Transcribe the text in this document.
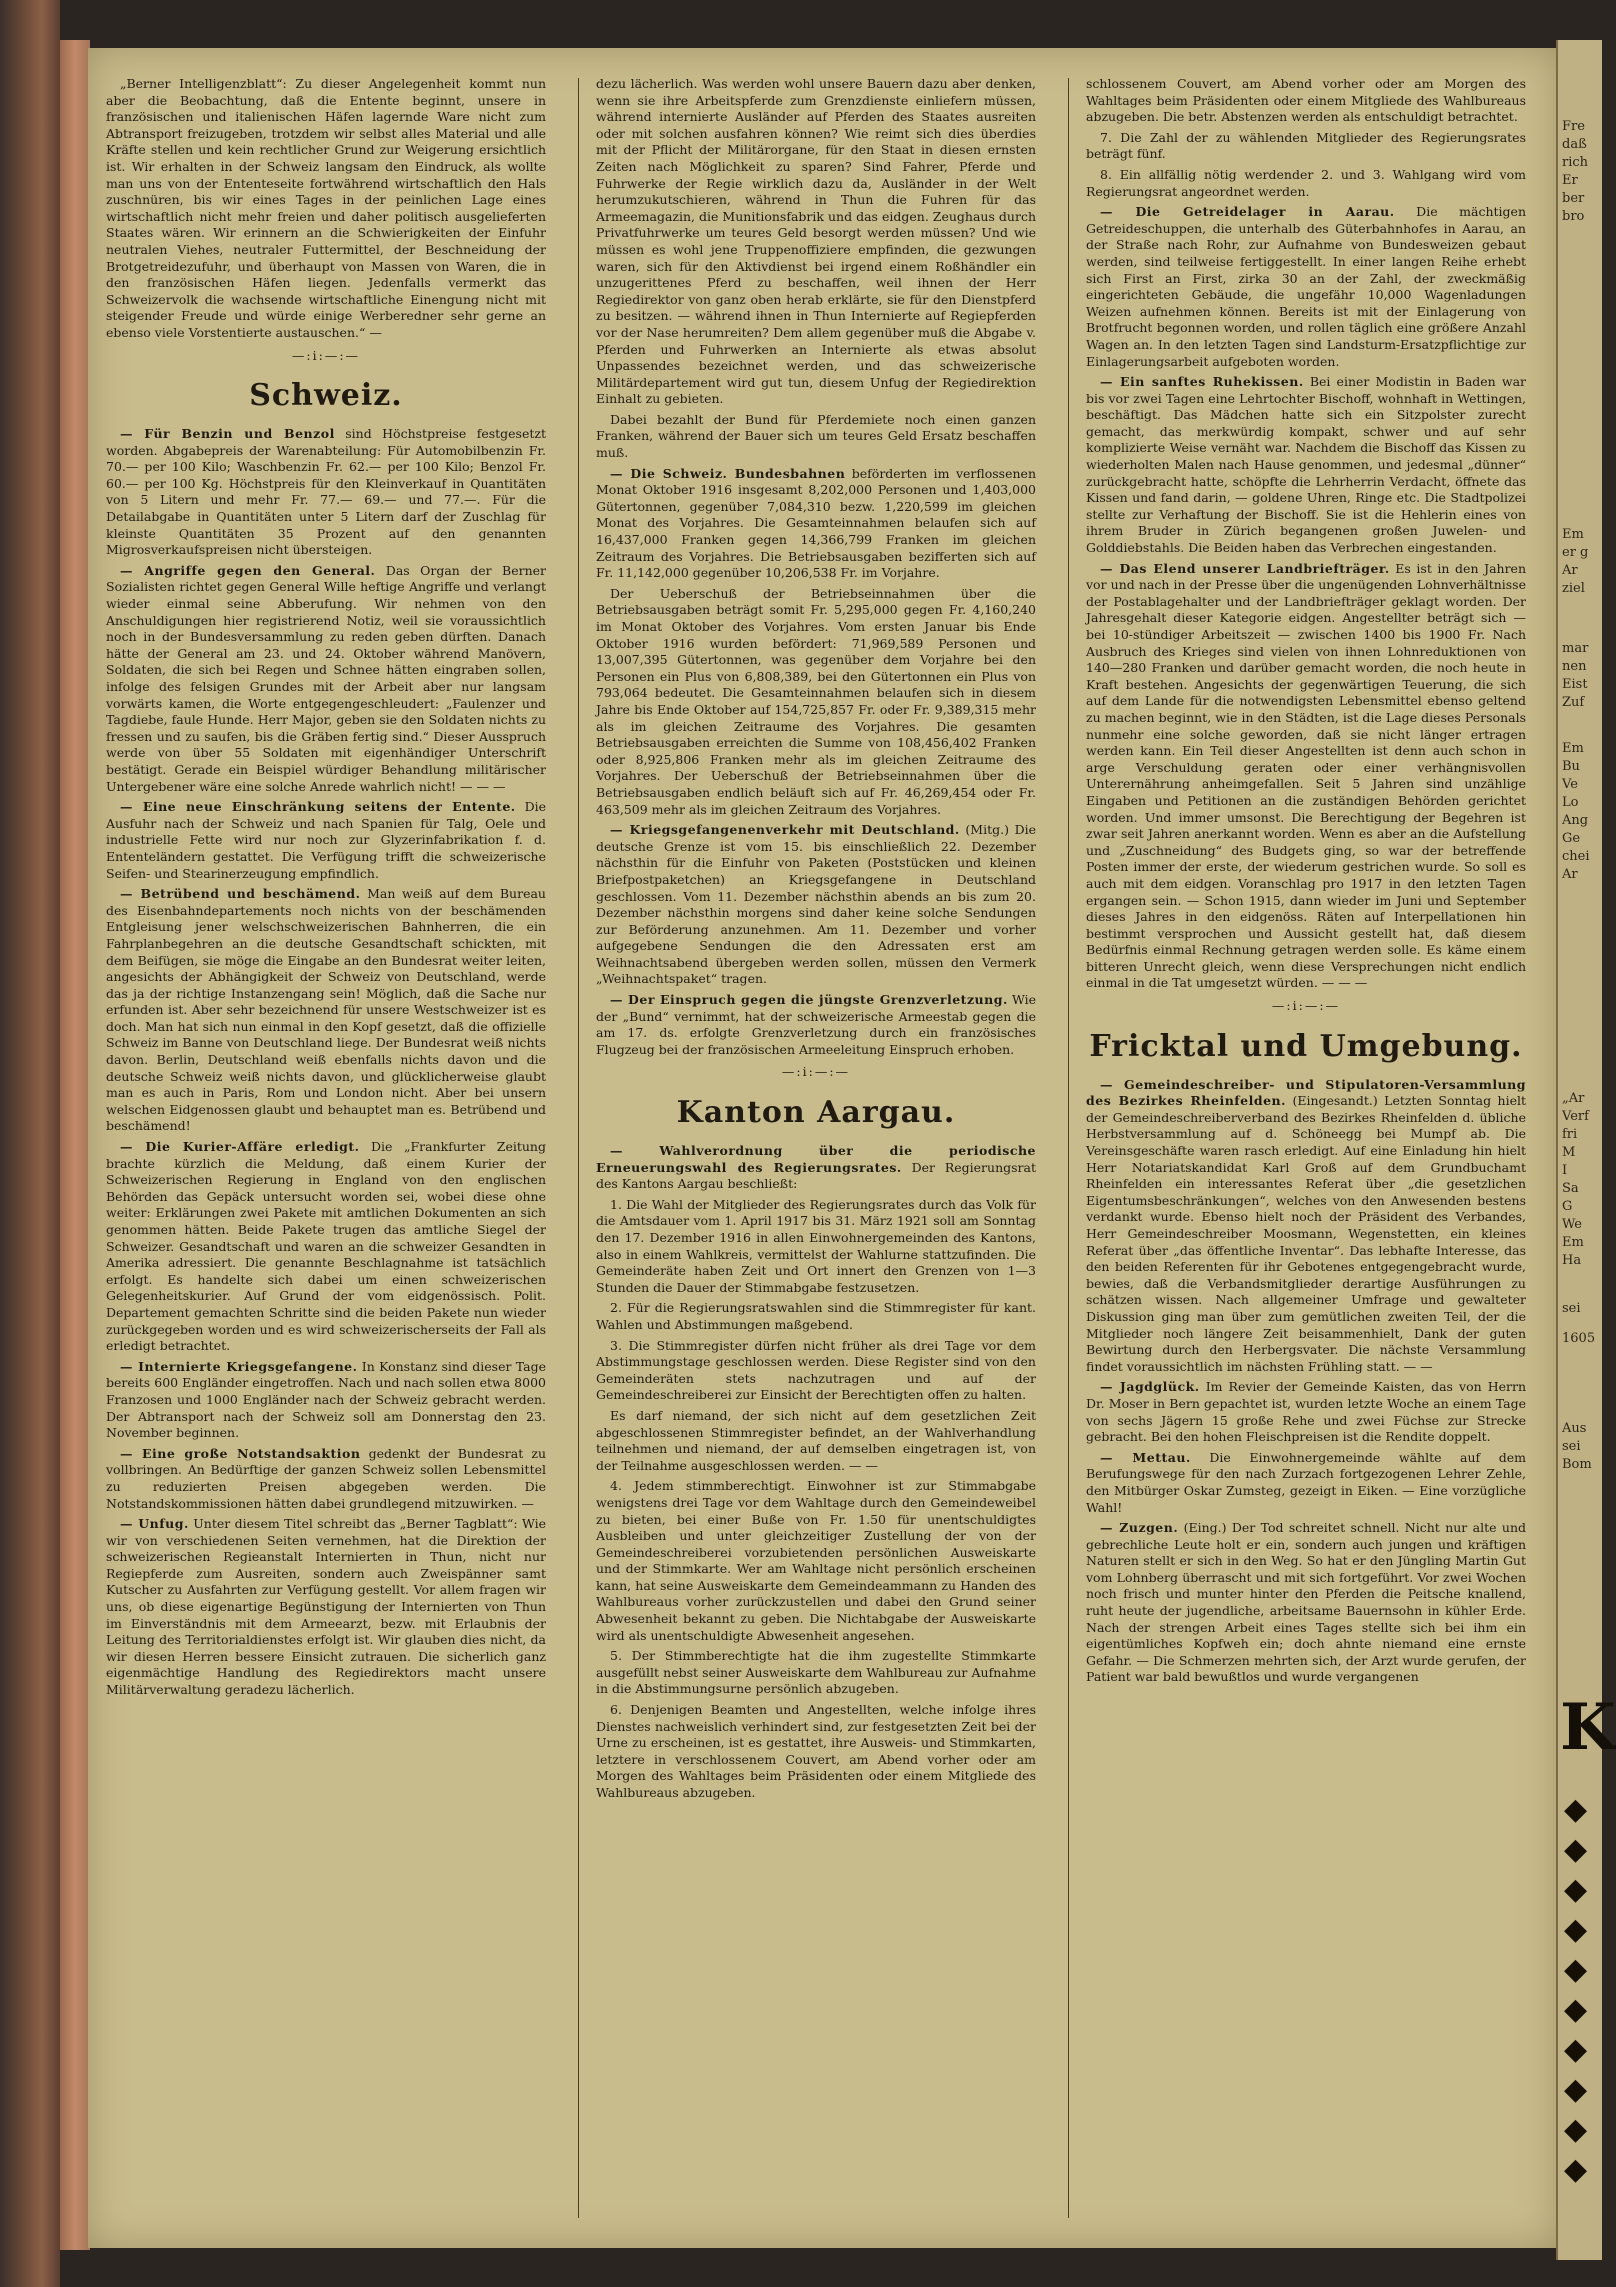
„Berner Intelligenzblatt“: Zu dieser Angelegenheit kommt nun aber die Beobachtung, daß die Entente beginnt, unsere in französischen und italienischen Häfen lagernde Ware nicht zum Abtransport freizugeben, trotzdem wir selbst alles Material und alle Kräfte stellen und kein rechtlicher Grund zur Weigerung ersichtlich ist. Wir erhalten in der Schweiz langsam den Eindruck, als wollte man uns von der Ententeseite fortwährend wirtschaftlich den Hals zuschnüren, bis wir eines Tages in der peinlichen Lage eines wirtschaftlich nicht mehr freien und daher politisch ausgelieferten Staates wären. Wir erinnern an die Schwierigkeiten der Einfuhr neutralen Viehes, neutraler Futtermittel, der Beschneidung der Brotgetreidezufuhr, und überhaupt von Massen von Waren, die in den französischen Häfen liegen. Jedenfalls vermerkt das Schweizervolk die wachsende wirtschaftliche Einengung nicht mit steigender Freude und würde einige Werberedner sehr gerne an ebenso viele Vorstentierte austauschen.“ —

—:i:—:—
Schweiz.

— Für Benzin und Benzol sind Höchstpreise festgesetzt worden. Abgabepreis der Warenabteilung: Für Automobilbenzin Fr. 70.— per 100 Kilo; Waschbenzin Fr. 62.— per 100 Kilo; Benzol Fr. 60.— per 100 Kg. Höchstpreis für den Kleinverkauf in Quantitäten von 5 Litern und mehr Fr. 77.— 69.— und 77.—. Für die Detailabgabe in Quantitäten unter 5 Litern darf der Zuschlag für kleinste Quantitäten 35 Prozent auf den genannten Migrosverkaufspreisen nicht übersteigen.

— Angriffe gegen den General. Das Organ der Berner Sozialisten richtet gegen General Wille heftige Angriffe und verlangt wieder einmal seine Abberufung. Wir nehmen von den Anschuldigungen hier registrierend Notiz, weil sie voraussichtlich noch in der Bundesversammlung zu reden geben dürften. Danach hätte der General am 23. und 24. Oktober während Manövern, Soldaten, die sich bei Regen und Schnee hätten eingraben sollen, infolge des felsigen Grundes mit der Arbeit aber nur langsam vorwärts kamen, die Worte entgegengeschleudert: „Faulenzer und Tagdiebe, faule Hunde. Herr Major, geben sie den Soldaten nichts zu fressen und zu saufen, bis die Gräben fertig sind.“ Dieser Ausspruch werde von über 55 Soldaten mit eigenhändiger Unterschrift bestätigt. Gerade ein Beispiel würdiger Behandlung militärischer Untergebener wäre eine solche Anrede wahrlich nicht! — — —

— Eine neue Einschränkung seitens der Entente. Die Ausfuhr nach der Schweiz und nach Spanien für Talg, Oele und industrielle Fette wird nur noch zur Glyzerinfabrikation f. d. Ententeländern gestattet. Die Verfügung trifft die schweizerische Seifen- und Stearinerzeugung empfindlich.

— Betrübend und beschämend. Man weiß auf dem Bureau des Eisenbahndepartements noch nichts von der beschämenden Entgleisung jener welschschweizerischen Bahnherren, die ein Fahrplanbegehren an die deutsche Gesandtschaft schickten, mit dem Beifügen, sie möge die Eingabe an den Bundesrat weiter leiten, angesichts der Abhängigkeit der Schweiz von Deutschland, werde das ja der richtige Instanzengang sein! Möglich, daß die Sache nur erfunden ist. Aber sehr bezeichnend für unsere Westschweizer ist es doch. Man hat sich nun einmal in den Kopf gesetzt, daß die offizielle Schweiz im Banne von Deutschland liege. Der Bundesrat weiß nichts davon. Berlin, Deutschland weiß ebenfalls nichts davon und die deutsche Schweiz weiß nichts davon, und glücklicherweise glaubt man es auch in Paris, Rom und London nicht. Aber bei unsern welschen Eidgenossen glaubt und behauptet man es. Betrübend und beschämend!

— Die Kurier-Affäre erledigt. Die „Frankfurter Zeitung brachte kürzlich die Meldung, daß einem Kurier der Schweizerischen Regierung in England von den englischen Behörden das Gepäck untersucht worden sei, wobei diese ohne weiter: Erklärungen zwei Pakete mit amtlichen Dokumenten an sich genommen hätten. Beide Pakete trugen das amtliche Siegel der Schweizer. Gesandtschaft und waren an die schweizer Gesandten in Amerika adressiert. Die genannte Beschlagnahme ist tatsächlich erfolgt. Es handelte sich dabei um einen schweizerischen Gelegenheitskurier. Auf Grund der vom eidgenössisch. Polit. Departement gemachten Schritte sind die beiden Pakete nun wieder zurückgegeben worden und es wird schweizerischerseits der Fall als erledigt betrachtet.

— Internierte Kriegsgefangene. In Konstanz sind dieser Tage bereits 600 Engländer eingetroffen. Nach und nach sollen etwa 8000 Franzosen und 1000 Engländer nach der Schweiz gebracht werden. Der Abtransport nach der Schweiz soll am Donnerstag den 23. November beginnen.

— Eine große Notstandsaktion gedenkt der Bundesrat zu vollbringen. An Bedürftige der ganzen Schweiz sollen Lebensmittel zu reduzierten Preisen abgegeben werden. Die Notstandskommissionen hätten dabei grundlegend mitzuwirken. —

— Unfug. Unter diesem Titel schreibt das „Berner Tagblatt“: Wie wir von verschiedenen Seiten vernehmen, hat die Direktion der schweizerischen Regieanstalt Internierten in Thun, nicht nur Regiepferde zum Ausreiten, sondern auch Zweispänner samt Kutscher zu Ausfahrten zur Verfügung gestellt. Vor allem fragen wir uns, ob diese eigenartige Begünstigung der Internierten von Thun im Einverständnis mit dem Armeearzt, bezw. mit Erlaubnis der Leitung des Territorialdienstes erfolgt ist. Wir glauben dies nicht, da wir diesen Herren bessere Einsicht zutrauen. Die sicherlich ganz eigenmächtige Handlung des Regiedirektors macht unsere Militärverwaltung geradezu lächerlich.

dezu lächerlich. Was werden wohl unsere Bauern dazu aber denken, wenn sie ihre Arbeitspferde zum Grenzdienste einliefern müssen, während internierte Ausländer auf Pferden des Staates ausreiten oder mit solchen ausfahren können? Wie reimt sich dies überdies mit der Pflicht der Militärorgane, für den Staat in diesen ernsten Zeiten nach Möglichkeit zu sparen? Sind Fahrer, Pferde und Fuhrwerke der Regie wirklich dazu da, Ausländer in der Welt herumzukutschieren, während in Thun die Fuhren für das Armeemagazin, die Munitionsfabrik und das eidgen. Zeughaus durch Privatfuhrwerke um teures Geld besorgt werden müssen? Und wie müssen es wohl jene Truppenoffiziere empfinden, die gezwungen waren, sich für den Aktivdienst bei irgend einem Roßhändler ein unzugerittenes Pferd zu beschaffen, weil ihnen der Herr Regiedirektor von ganz oben herab erklärte, sie für den Dienstpferd zu besitzen. — während ihnen in Thun Internierte auf Regiepferden vor der Nase herumreiten? Dem allem gegenüber muß die Abgabe v. Pferden und Fuhrwerken an Internierte als etwas absolut Unpassendes bezeichnet werden, und das schweizerische Militärdepartement wird gut tun, diesem Unfug der Regiedirektion Einhalt zu gebieten.

Dabei bezahlt der Bund für Pferdemiete noch einen ganzen Franken, während der Bauer sich um teures Geld Ersatz beschaffen muß.

— Die Schweiz. Bundesbahnen beförderten im verflossenen Monat Oktober 1916 insgesamt 8,202,000 Personen und 1,403,000 Gütertonnen, gegenüber 7,084,310 bezw. 1,220,599 im gleichen Monat des Vorjahres. Die Gesamteinnahmen belaufen sich auf 16,437,000 Franken gegen 14,366,799 Franken im gleichen Zeitraum des Vorjahres. Die Betriebsausgaben bezifferten sich auf Fr. 11,142,000 gegenüber 10,206,538 Fr. im Vorjahre.

Der Ueberschuß der Betriebseinnahmen über die Betriebsausgaben beträgt somit Fr. 5,295,000 gegen Fr. 4,160,240 im Monat Oktober des Vorjahres. Vom ersten Januar bis Ende Oktober 1916 wurden befördert: 71,969,589 Personen und 13,007,395 Gütertonnen, was gegenüber dem Vorjahre bei den Personen ein Plus von 6,808,389, bei den Gütertonnen ein Plus von 793,064 bedeutet. Die Gesamteinnahmen belaufen sich in diesem Jahre bis Ende Oktober auf 154,725,857 Fr. oder Fr. 9,389,315 mehr als im gleichen Zeitraume des Vorjahres. Die gesamten Betriebsausgaben erreichten die Summe von 108,456,402 Franken oder 8,925,806 Franken mehr als im gleichen Zeitraume des Vorjahres. Der Ueberschuß der Betriebseinnahmen über die Betriebsausgaben endlich beläuft sich auf Fr. 46,269,454 oder Fr. 463,509 mehr als im gleichen Zeitraum des Vorjahres.

— Kriegsgefangenenverkehr mit Deutschland. (Mitg.) Die deutsche Grenze ist vom 15. bis einschließlich 22. Dezember nächsthin für die Einfuhr von Paketen (Poststücken und kleinen Briefpostpaketchen) an Kriegsgefangene in Deutschland geschlossen. Vom 11. Dezember nächsthin abends an bis zum 20. Dezember nächsthin morgens sind daher keine solche Sendungen zur Beförderung anzunehmen. Am 11. Dezember und vorher aufgegebene Sendungen die den Adressaten erst am Weihnachtsabend übergeben werden sollen, müssen den Vermerk „Weihnachtspaket“ tragen.

— Der Einspruch gegen die jüngste Grenzverletzung. Wie der „Bund“ vernimmt, hat der schweizerische Armeestab gegen die am 17. ds. erfolgte Grenzverletzung durch ein französisches Flugzeug bei der französischen Armeeleitung Einspruch erhoben.

—:i:—:—
Kanton Aargau.

— Wahlverordnung über die periodische Erneuerungswahl des Regierungsrates. Der Regierungsrat des Kantons Aargau beschließt:

1. Die Wahl der Mitglieder des Regierungsrates durch das Volk für die Amtsdauer vom 1. April 1917 bis 31. März 1921 soll am Sonntag den 17. Dezember 1916 in allen Einwohnergemeinden des Kantons, also in einem Wahlkreis, vermittelst der Wahlurne stattzufinden. Die Gemeinderäte haben Zeit und Ort innert den Grenzen von 1—3 Stunden die Dauer der Stimmabgabe festzusetzen.

2. Für die Regierungsratswahlen sind die Stimmregister für kant. Wahlen und Abstimmungen maßgebend.

3. Die Stimmregister dürfen nicht früher als drei Tage vor dem Abstimmungstage geschlossen werden. Diese Register sind von den Gemeinderäten stets nachzutragen und auf der Gemeindeschreiberei zur Einsicht der Berechtigten offen zu halten.

Es darf niemand, der sich nicht auf dem gesetzlichen Zeit abgeschlossenen Stimmregister befindet, an der Wahlverhandlung teilnehmen und niemand, der auf demselben eingetragen ist, von der Teilnahme ausgeschlossen werden. — —

4. Jedem stimmberechtigt. Einwohner ist zur Stimmabgabe wenigstens drei Tage vor dem Wahltage durch den Gemeindeweibel zu bieten, bei einer Buße von Fr. 1.50 für unentschuldigtes Ausbleiben und unter gleichzeitiger Zustellung der von der Gemeindeschreiberei vorzubietenden persönlichen Ausweiskarte und der Stimmkarte. Wer am Wahltage nicht persönlich erscheinen kann, hat seine Ausweiskarte dem Gemeindeammann zu Handen des Wahlbureaus vorher zurückzustellen und dabei den Grund seiner Abwesenheit bekannt zu geben. Die Nichtabgabe der Ausweiskarte wird als unentschuldigte Abwesenheit angesehen.

5. Der Stimmberechtigte hat die ihm zugestellte Stimmkarte ausgefüllt nebst seiner Ausweiskarte dem Wahlbureau zur Aufnahme in die Abstimmungsurne persönlich abzugeben.

6. Denjenigen Beamten und Angestellten, welche infolge ihres Dienstes nachweislich verhindert sind, zur festgesetzten Zeit bei der Urne zu erscheinen, ist es gestattet, ihre Ausweis- und Stimmkarten, letztere in verschlossenem Couvert, am Abend vorher oder am Morgen des Wahltages beim Präsidenten oder einem Mitgliede des Wahlbureaus abzugeben.

schlossenem Couvert, am Abend vorher oder am Morgen des Wahltages beim Präsidenten oder einem Mitgliede des Wahlbureaus abzugeben. Die betr. Abstenzen werden als entschuldigt betrachtet.

7. Die Zahl der zu wählenden Mitglieder des Regierungsrates beträgt fünf.

8. Ein allfällig nötig werdender 2. und 3. Wahlgang wird vom Regierungsrat angeordnet werden.

— Die Getreidelager in Aarau. Die mächtigen Getreideschuppen, die unterhalb des Güterbahnhofes in Aarau, an der Straße nach Rohr, zur Aufnahme von Bundesweizen gebaut werden, sind teilweise fertiggestellt. In einer langen Reihe erhebt sich First an First, zirka 30 an der Zahl, der zweckmäßig eingerichteten Gebäude, die ungefähr 10,000 Wagenladungen Weizen aufnehmen können. Bereits ist mit der Einlagerung von Brotfrucht begonnen worden, und rollen täglich eine größere Anzahl Wagen an. In den letzten Tagen sind Landsturm-Ersatzpflichtige zur Einlagerungsarbeit aufgeboten worden.

— Ein sanftes Ruhekissen. Bei einer Modistin in Baden war bis vor zwei Tagen eine Lehrtochter Bischoff, wohnhaft in Wettingen, beschäftigt. Das Mädchen hatte sich ein Sitzpolster zurecht gemacht, das merkwürdig kompakt, schwer und auf sehr komplizierte Weise vernäht war. Nachdem die Bischoff das Kissen zu wiederholten Malen nach Hause genommen, und jedesmal „dünner“ zurückgebracht hatte, schöpfte die Lehrherrin Verdacht, öffnete das Kissen und fand darin, — goldene Uhren, Ringe etc. Die Stadtpolizei stellte zur Verhaftung der Bischoff. Sie ist die Hehlerin eines von ihrem Bruder in Zürich begangenen großen Juwelen- und Golddiebstahls. Die Beiden haben das Verbrechen eingestanden.

— Das Elend unserer Landbriefträger. Es ist in den Jahren vor und nach in der Presse über die ungenügenden Lohnverhältnisse der Postablagehalter und der Landbriefträger geklagt worden. Der Jahresgehalt dieser Kategorie eidgen. Angestellter beträgt sich — bei 10-stündiger Arbeitszeit — zwischen 1400 bis 1900 Fr. Nach Ausbruch des Krieges sind vielen von ihnen Lohnreduktionen von 140—280 Franken und darüber gemacht worden, die noch heute in Kraft bestehen. Angesichts der gegenwärtigen Teuerung, die sich auf dem Lande für die notwendigsten Lebensmittel ebenso geltend zu machen beginnt, wie in den Städten, ist die Lage dieses Personals nunmehr eine solche geworden, daß sie nicht länger ertragen werden kann. Ein Teil dieser Angestellten ist denn auch schon in arge Verschuldung geraten oder einer verhängnisvollen Unterernährung anheimgefallen. Seit 5 Jahren sind unzählige Eingaben und Petitionen an die zuständigen Behörden gerichtet worden. Und immer umsonst. Die Berechtigung der Begehren ist zwar seit Jahren anerkannt worden. Wenn es aber an die Aufstellung und „Zuschneidung“ des Budgets ging, so war der betreffende Posten immer der erste, der wiederum gestrichen wurde. So soll es auch mit dem eidgen. Voranschlag pro 1917 in den letzten Tagen ergangen sein. — Schon 1915, dann wieder im Juni und September dieses Jahres in den eidgenöss. Räten auf Interpellationen hin bestimmt versprochen und Aussicht gestellt hat, daß diesem Bedürfnis einmal Rechnung getragen werden solle. Es käme einem bitteren Unrecht gleich, wenn diese Versprechungen nicht endlich einmal in die Tat umgesetzt würden. — — —

—:i:—:—
Fricktal und Umgebung.

— Gemeindeschreiber- und Stipulatoren-Versammlung des Bezirkes Rheinfelden. (Eingesandt.) Letzten Sonntag hielt der Gemeindeschreiberverband des Bezirkes Rheinfelden d. übliche Herbstversammlung auf d. Schöneegg bei Mumpf ab. Die Vereinsgeschäfte waren rasch erledigt. Auf eine Einladung hin hielt Herr Notariatskandidat Karl Groß auf dem Grundbuchamt Rheinfelden ein interessantes Referat über „die gesetzlichen Eigentumsbeschränkungen“, welches von den Anwesenden bestens verdankt wurde. Ebenso hielt noch der Präsident des Verbandes, Herr Gemeindeschreiber Moosmann, Wegenstetten, ein kleines Referat über „das öffentliche Inventar“. Das lebhafte Interesse, das den beiden Referenten für ihr Gebotenes entgegengebracht wurde, bewies, daß die Verbandsmitglieder derartige Ausführungen zu schätzen wissen. Nach allgemeiner Umfrage und gewalteter Diskussion ging man über zum gemütlichen zweiten Teil, der die Mitglieder noch längere Zeit beisammenhielt, Dank der guten Bewirtung durch den Herbergsvater. Die nächste Versammlung findet voraussichtlich im nächsten Frühling statt. — —

— Jagdglück. Im Revier der Gemeinde Kaisten, das von Herrn Dr. Moser in Bern gepachtet ist, wurden letzte Woche an einem Tage von sechs Jägern 15 große Rehe und zwei Füchse zur Strecke gebracht. Bei den hohen Fleischpreisen ist die Rendite doppelt.

— Mettau. Die Einwohnergemeinde wählte auf dem Berufungswege für den nach Zurzach fortgezogenen Lehrer Zehle, den Mitbürger Oskar Zumsteg, gezeigt in Eiken. — Eine vorzügliche Wahl!

— Zuzgen. (Eing.) Der Tod schreitet schnell. Nicht nur alte und gebrechliche Leute holt er ein, sondern auch jungen und kräftigen Naturen stellt er sich in den Weg. So hat er den Jüngling Martin Gut vom Lohnberg überrascht und mit sich fortgeführt. Vor zwei Wochen noch frisch und munter hinter den Pferden die Peitsche knallend, ruht heute der jugendliche, arbeitsame Bauernsohn in kühler Erde. Nach der strengen Arbeit eines Tages stellte sich bei ihm ein eigentümliches Kopfweh ein; doch ahnte niemand eine ernste Gefahr. — Die Schmerzen mehrten sich, der Arzt wurde gerufen, der Patient war bald bewußtlos und wurde vergangenen

Fre
daß
rich
Er
ber
bro
Em
er g
Ar
ziel
mar
nen
Eist
Zuf
Em
Bu
Ve
Lo
Ang
Ge
chei
Ar
„Ar
Verf
fri
M
I
Sa
G
We
Em
Ha
sei
1605
Aus
sei
Bom
K
◆ ◆ ◆ ◆ ◆ ◆ ◆ ◆ ◆ ◆
